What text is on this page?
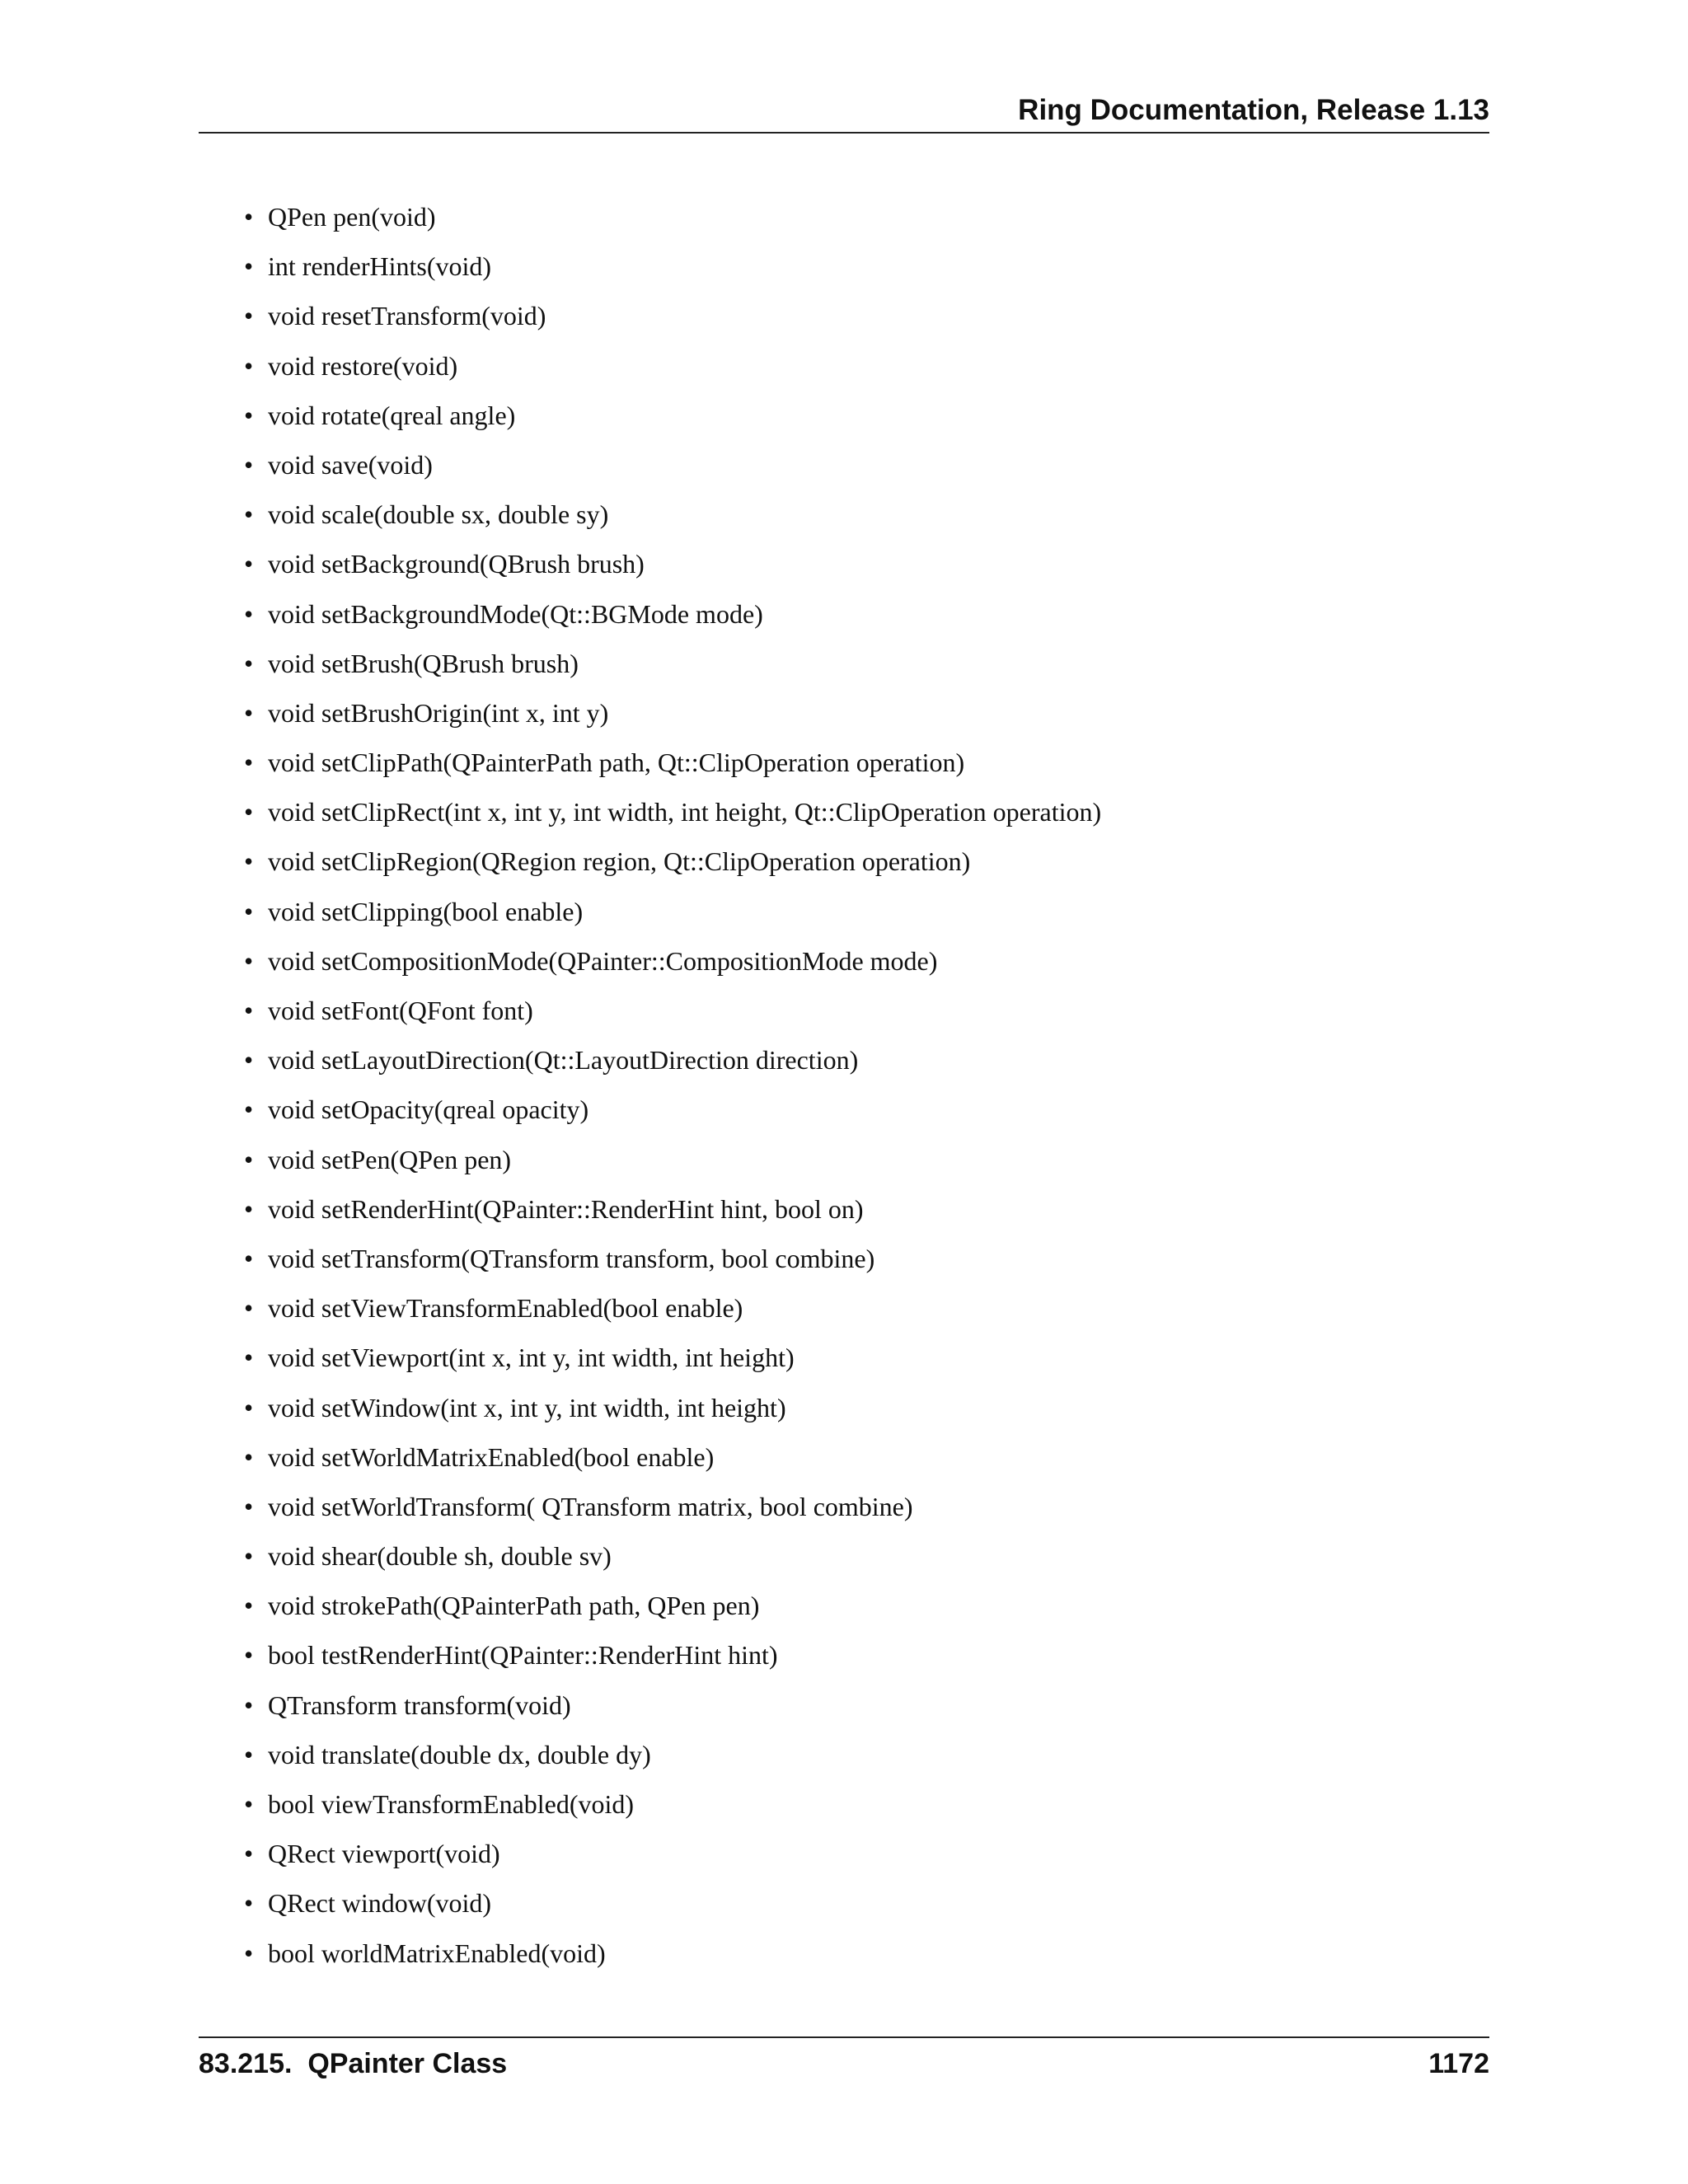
Ring Documentation, Release 1.13
• QPen pen(void)
• int renderHints(void)
• void resetTransform(void)
• void restore(void)
• void rotate(qreal angle)
• void save(void)
• void scale(double sx, double sy)
• void setBackground(QBrush brush)
• void setBackgroundMode(Qt::BGMode mode)
• void setBrush(QBrush brush)
• void setBrushOrigin(int x, int y)
• void setClipPath(QPainterPath path, Qt::ClipOperation operation)
• void setClipRect(int x, int y, int width, int height, Qt::ClipOperation operation)
• void setClipRegion(QRegion region, Qt::ClipOperation operation)
• void setClipping(bool enable)
• void setCompositionMode(QPainter::CompositionMode mode)
• void setFont(QFont font)
• void setLayoutDirection(Qt::LayoutDirection direction)
• void setOpacity(qreal opacity)
• void setPen(QPen pen)
• void setRenderHint(QPainter::RenderHint hint, bool on)
• void setTransform(QTransform transform, bool combine)
• void setViewTransformEnabled(bool enable)
• void setViewport(int x, int y, int width, int height)
• void setWindow(int x, int y, int width, int height)
• void setWorldMatrixEnabled(bool enable)
• void setWorldTransform( QTransform matrix, bool combine)
• void shear(double sh, double sv)
• void strokePath(QPainterPath path, QPen pen)
• bool testRenderHint(QPainter::RenderHint hint)
• QTransform transform(void)
• void translate(double dx, double dy)
• bool viewTransformEnabled(void)
• QRect viewport(void)
• QRect window(void)
• bool worldMatrixEnabled(void)
83.215.  QPainter Class	1172
